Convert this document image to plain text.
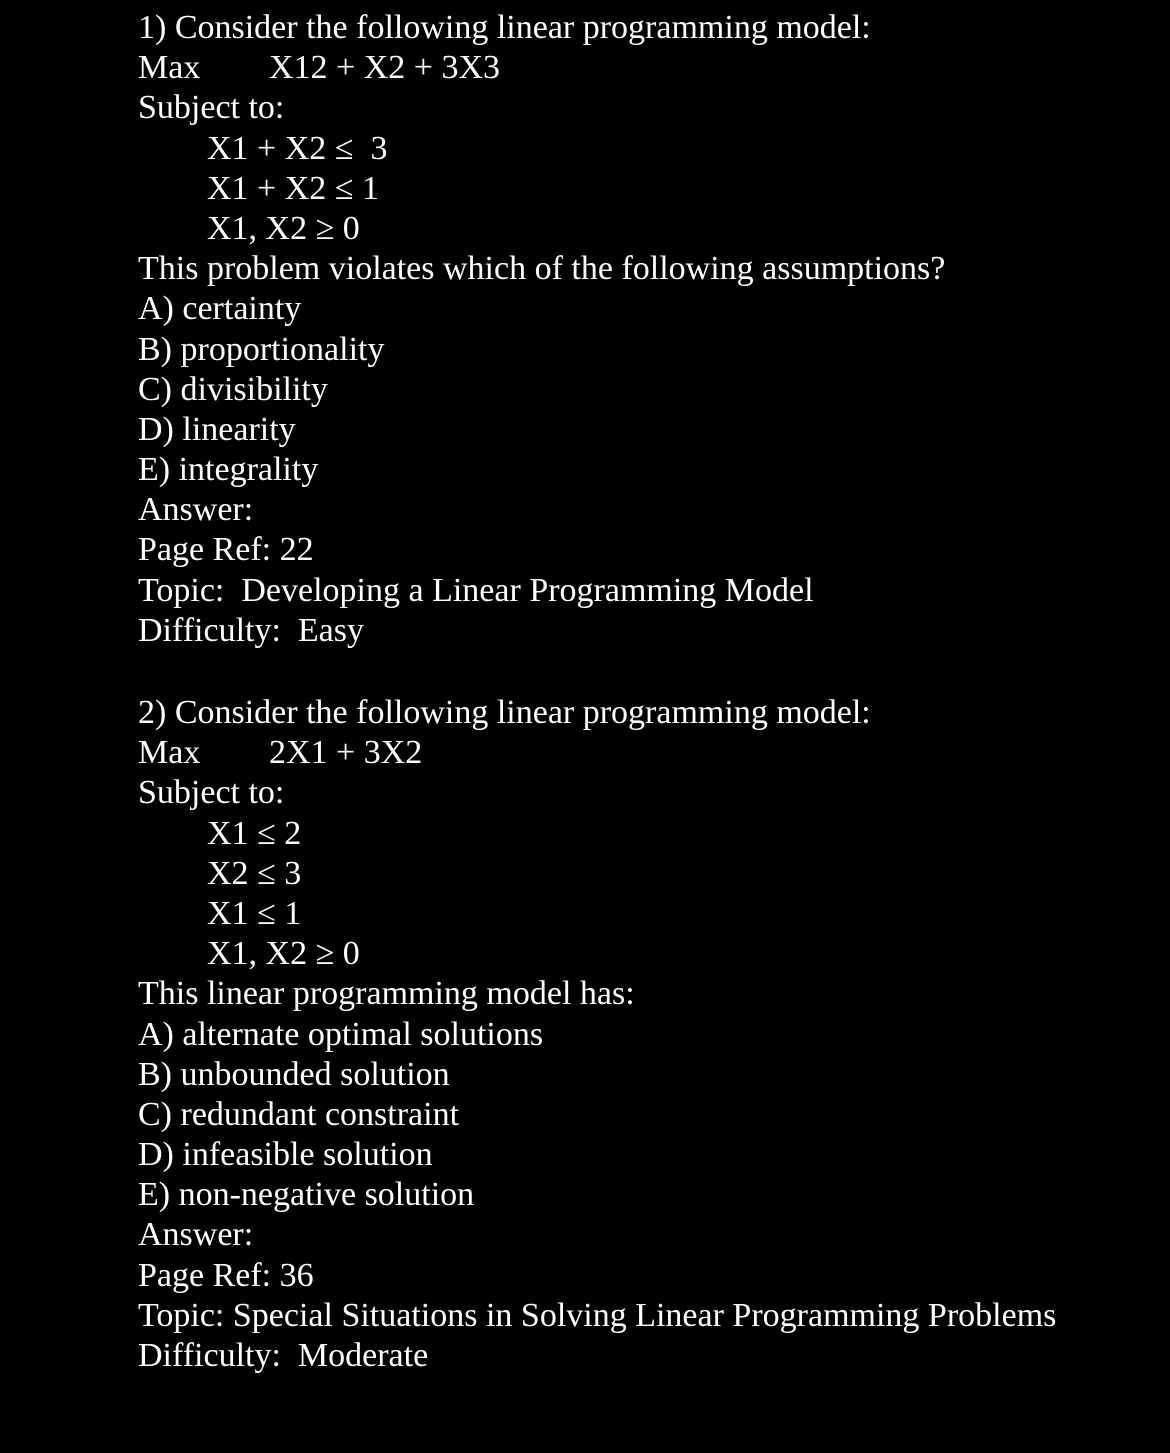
1) Consider the following linear programming model:
Max	X12 + X2 + 3X3
Subject to:
X1 + X2 ≤  3
X1 + X2 ≤ 1
X1, X2 ≥ 0
This problem violates which of the following assumptions?
A) certainty
B) proportionality
C) divisibility
D) linearity
E) integrality
Answer:
Page Ref: 22
Topic:  Developing a Linear Programming Model
Difficulty:  Easy
2) Consider the following linear programming model:
Max	2X1 + 3X2
Subject to:
X1 ≤ 2
X2 ≤ 3
X1 ≤ 1
X1, X2 ≥ 0
This linear programming model has:
A) alternate optimal solutions
B) unbounded solution
C) redundant constraint
D) infeasible solution
E) non-negative solution
Answer:
Page Ref: 36
Topic: Special Situations in Solving Linear Programming Problems
Difficulty:  Moderate
